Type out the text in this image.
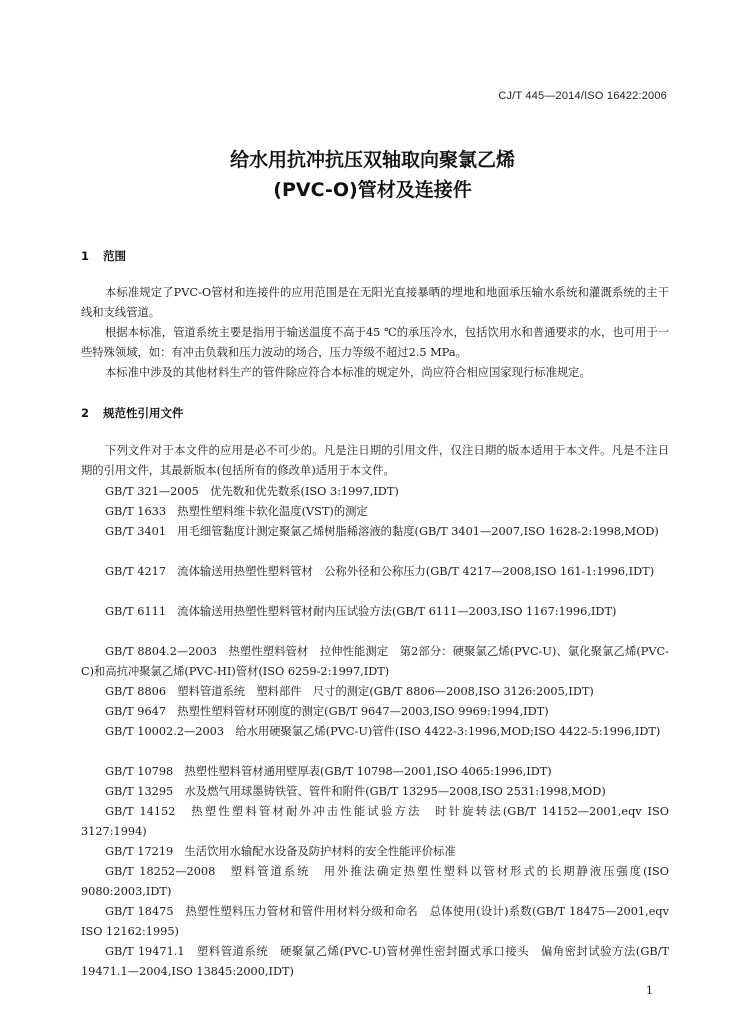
CJ/T 445—2014/ISO 16422:2006
给水用抗冲抗压双轴取向聚氯乙烯
(PVC-O)管材及连接件
1 范围
本标准规定了PVC-O管材和连接件的应用范围是在无阳光直接暴晒的埋地和地面承压输水系统和灌溉系统的主干线和支线管道。
根据本标准，管道系统主要是指用于输送温度不高于45 ℃的承压冷水，包括饮用水和普通要求的水，也可用于一些特殊领域，如：有冲击负载和压力波动的场合，压力等级不超过2.5 MPa。
本标准中涉及的其他材料生产的管件除应符合本标准的规定外，尚应符合相应国家现行标准规定。
2 规范性引用文件
下列文件对于本文件的应用是必不可少的。凡是注日期的引用文件，仅注日期的版本适用于本文件。凡是不注日期的引用文件，其最新版本(包括所有的修改单)适用于本文件。
GB/T 321—2005　优先数和优先数系(ISO 3:1997,IDT)
GB/T 1633　热塑性塑料维卡软化温度(VST)的测定
GB/T 3401　用毛细管黏度计测定聚氯乙烯树脂稀溶液的黏度(GB/T 3401—2007,ISO 1628-2:1998,MOD)
GB/T 4217　流体输送用热塑性塑料管材　公称外径和公称压力(GB/T 4217—2008,ISO 161-1:1996,IDT)
GB/T 6111　流体输送用热塑性塑料管材耐内压试验方法(GB/T 6111—2003,ISO 1167:1996,IDT)
GB/T 8804.2—2003　热塑性塑料管材　拉伸性能测定　第2部分：硬聚氯乙烯(PVC-U)、氯化聚氯乙烯(PVC-C)和高抗冲聚氯乙烯(PVC-HI)管材(ISO 6259-2:1997,IDT)
GB/T 8806　塑料管道系统　塑料部件　尺寸的测定(GB/T 8806—2008,ISO 3126:2005,IDT)
GB/T 9647　热塑性塑料管材环刚度的测定(GB/T 9647—2003,ISO 9969:1994,IDT)
GB/T 10002.2—2003　给水用硬聚氯乙烯(PVC-U)管件(ISO 4422-3:1996,MOD;ISO 4422-5:1996,IDT)
GB/T 10798　热塑性塑料管材通用壁厚表(GB/T 10798—2001,ISO 4065:1996,IDT)
GB/T 13295　水及燃气用球墨铸铁管、管件和附件(GB/T 13295—2008,ISO 2531:1998,MOD)
GB/T 14152　热塑性塑料管材耐外冲击性能试验方法　时针旋转法(GB/T 14152—2001,eqv ISO 3127:1994)
GB/T 17219　生活饮用水输配水设备及防护材料的安全性能评价标准
GB/T 18252—2008　塑料管道系统　用外推法确定热塑性塑料以管材形式的长期静液压强度(ISO 9080:2003,IDT)
GB/T 18475　热塑性塑料压力管材和管件用材料分级和命名　总体使用(设计)系数(GB/T 18475—2001,eqv ISO 12162:1995)
GB/T 19471.1　塑料管道系统　硬聚氯乙烯(PVC-U)管材弹性密封圈式承口接头　偏角密封试验方法(GB/T 19471.1—2004,ISO 13845:2000,IDT)
1
